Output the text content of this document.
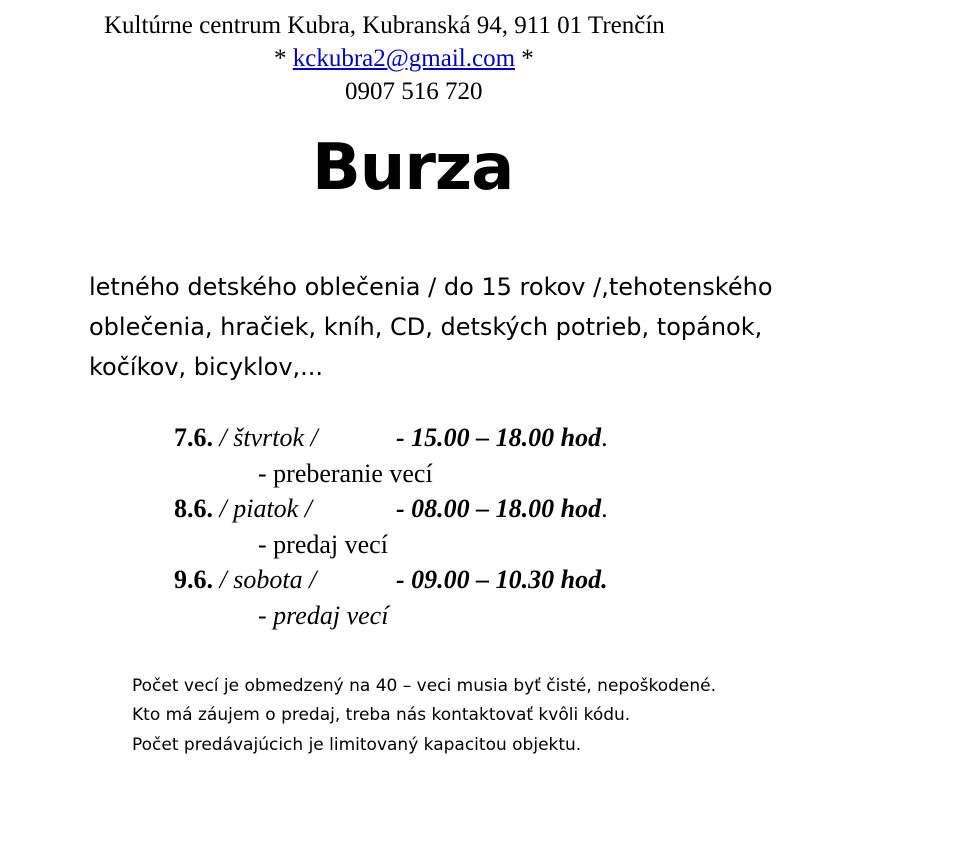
Kultúrne centrum Kubra, Kubranská 94, 911 01 Trenčín
* kckubra2@gmail.com *
0907 516 720
Burza
letného detského oblečenia / do 15 rokov /,tehotenského
oblečenia, hračiek, kníh, CD, detských potrieb, topánok,
kočíkov, bicyklov,...
7.6. / štvrtok /	- 15.00 – 18.00 hod.
- preberanie vecí
8.6. / piatok /	- 08.00 – 18.00 hod.
- predaj vecí
9.6. / sobota /	- 09.00 – 10.30 hod.
- predaj vecí
Počet vecí je obmedzený na 40 – veci musia byť čisté, nepoškodené.
Kto má záujem o predaj, treba nás kontaktovať kvôli kódu.
Počet predávajúcich je limitovaný kapacitou objektu.
